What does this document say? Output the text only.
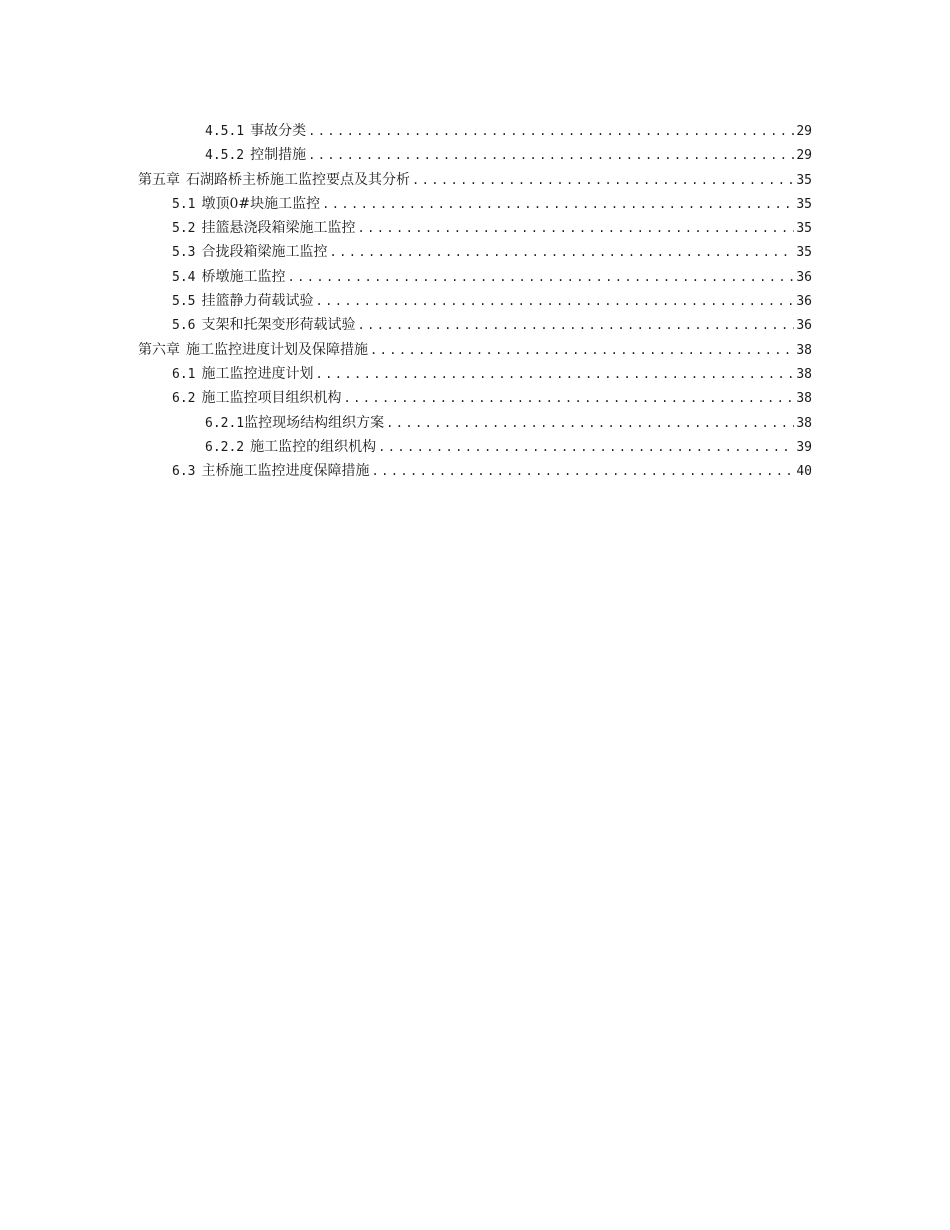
4.5.1 事故分类 .....	29
4.5.2 控制措施 .....	29
第五章 石湖路桥主桥施工监控要点及其分析 .....	35
5.1 墩顶0#块施工监控 .....	35
5.2 挂篮悬浇段箱梁施工监控 .....	35
5.3 合拢段箱梁施工监控 .....	35
5.4 桥墩施工监控 .....	36
5.5 挂篮静力荷载试验 .....	36
5.6 支架和托架变形荷载试验 .....	36
第六章 施工监控进度计划及保障措施 .....	38
6.1 施工监控进度计划 .....	38
6.2 施工监控项目组织机构 .....	38
6.2.1 监控现场结构组织方案 .....	38
6.2.2 施工监控的组织机构 .....	39
6.3 主桥施工监控进度保障措施 .....	40
